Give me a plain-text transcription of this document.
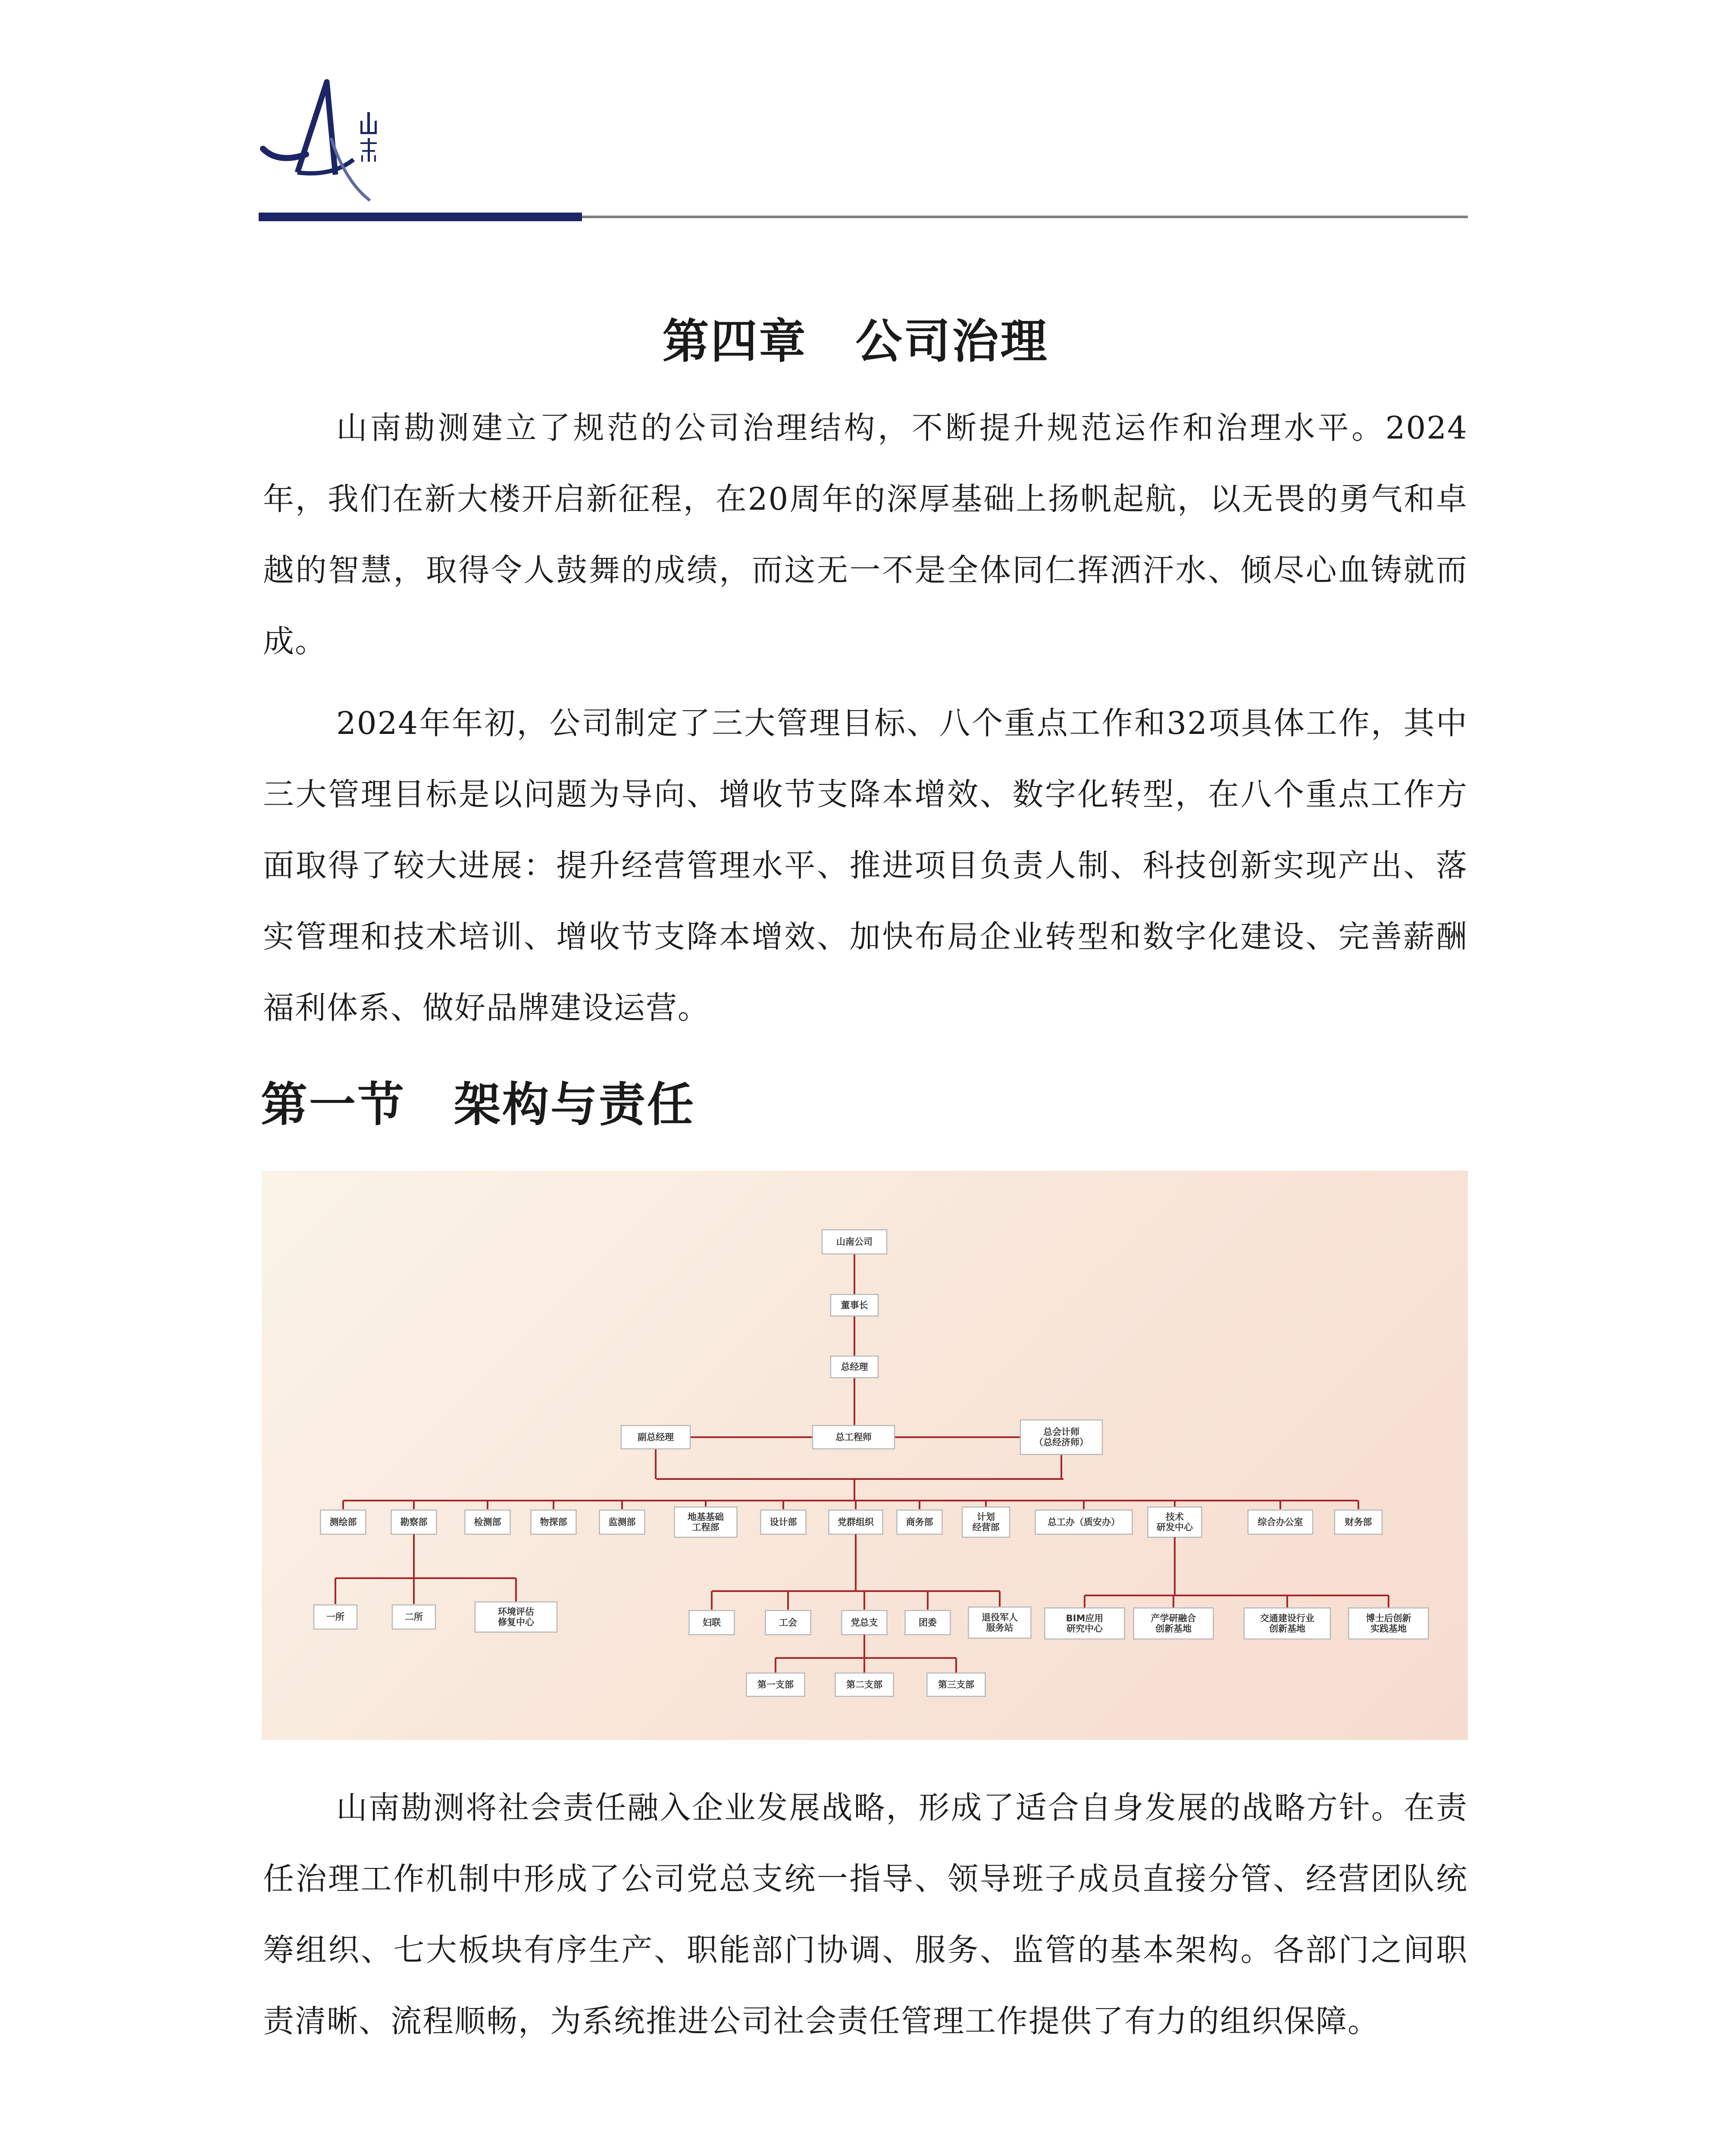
第四章　公司治理

山南勘测建立了规范的公司治理结构，不断提升规范运作和治理水平。2024年，我们在新大楼开启新征程，在20周年的深厚基础上扬帆起航，以无畏的勇气和卓越的智慧，取得令人鼓舞的成绩，而这无一不是全体同仁挥洒汗水、倾尽心血铸就而成。

2024年年初，公司制定了三大管理目标、八个重点工作和32项具体工作，其中三大管理目标是以问题为导向、增收节支降本增效、数字化转型，在八个重点工作方面取得了较大进展：提升经营管理水平、推进项目负责人制、科技创新实现产出、落实管理和技术培训、增收节支降本增效、加快布局企业转型和数字化建设、完善薪酬福利体系、做好品牌建设运营。

第一节　架构与责任
山南公司
董事长
总经理
副总经理	总工程师	总会计师
（总经济师）
测绘部	勘察部	检测部	物探部	监测部	地基基础
工程部	设计部	党群组织	商务部	计划
经营部	总工办（质安办）	技术
研发中心	综合办公室	财务部
一所	二所	环境评估
修复中心	妇联	工会	党总支	团委	退役军人
服务站
第一支部	第二支部	第三支部
BIM应用
研究中心
产学研融合
创新基地
交通建设行业
创新基地
博士后创新
实践基地

山南勘测将社会责任融入企业发展战略，形成了适合自身发展的战略方针。在责任治理工作机制中形成了公司党总支统一指导、领导班子成员直接分管、经营团队统筹组织、七大板块有序生产、职能部门协调、服务、监管的基本架构。各部门之间职责清晰、流程顺畅，为系统推进公司社会责任管理工作提供了有力的组织保障。
